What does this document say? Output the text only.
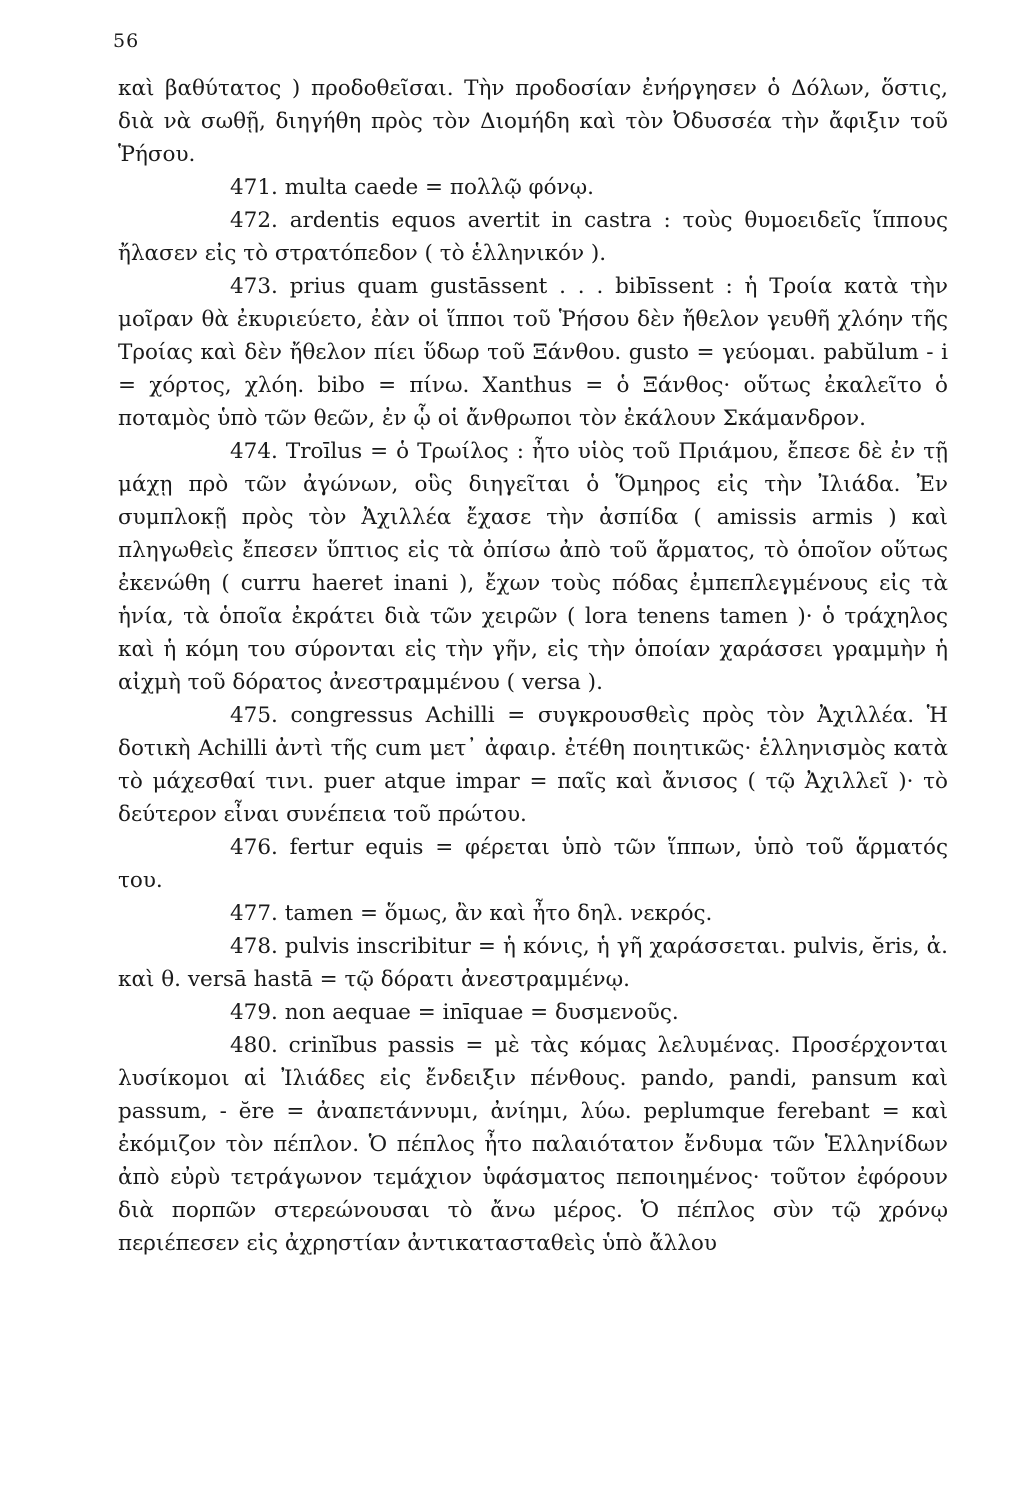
56

καὶ βαθύτατος ) προδοθεῖσαι. Τὴν προδοσίαν ἐνήργησεν ὁ Δόλων, ὅστις, διὰ νὰ σωθῇ, διηγήθη πρὸς τὸν Διομήδη καὶ τὸν Ὀδυσσέα τὴν ἄφιξιν τοῦ Ῥήσου.

471. multa caede = πολλῷ φόνῳ.

472. ardentis equos avertit in castra : τοὺς θυμοειδεῖς ἵππους ἤλασεν εἰς τὸ στρατόπεδον ( τὸ ἑλληνικόν ).

473. prius quam gustāssent . . . bibīssent : ἡ Τροία κατὰ τὴν μοῖραν θὰ ἐκυριεύετο, ἐὰν οἱ ἵπποι τοῦ Ῥήσου δὲν ἤθελον γευθῆ χλόην τῆς Τροίας καὶ δὲν ἤθελον πίει ὕδωρ τοῦ Ξάνθου. gusto = γεύομαι. pabŭlum - i = χόρτος, χλόη. bibo = πίνω. Xanthus = ὁ Ξάνθος· οὕτως ἐκαλεῖτο ὁ ποταμὸς ὑπὸ τῶν θεῶν, ἐν ᾧ οἱ ἄνθρωποι τὸν ἐκάλουν Σκάμανδρον.

474. Troīlus = ὁ Τρωίλος : ἦτο υἱὸς τοῦ Πριάμου, ἔπεσε δὲ ἐν τῇ μάχῃ πρὸ τῶν ἀγώνων, οὓς διηγεῖται ὁ Ὅμηρος εἰς τὴν Ἰλιάδα. Ἐν συμπλοκῇ πρὸς τὸν Ἀχιλλέα ἔχασε τὴν ἀσπίδα ( amissis armis ) καὶ πληγωθεὶς ἔπεσεν ὕπτιος εἰς τὰ ὀπίσω ἀπὸ τοῦ ἅρματος, τὸ ὁποῖον οὕτως ἐκενώθη ( curru haeret inani ), ἔχων τοὺς πόδας ἐμπεπλεγμένους εἰς τὰ ἡνία, τὰ ὁποῖα ἐκράτει διὰ τῶν χειρῶν ( lora tenens tamen )· ὁ τράχηλος καὶ ἡ κόμη του σύρονται εἰς τὴν γῆν, εἰς τὴν ὁποίαν χαράσσει γραμμὴν ἡ αἰχμὴ τοῦ δόρατος ἀνεστραμμένου ( versa ).

475. congressus Achilli = συγκρουσθεὶς πρὸς τὸν Ἀχιλλέα. Ἡ δοτικὴ Achilli ἀντὶ τῆς cum μετ᾽ ἀφαιρ. ἐτέθη ποιητικῶς· ἑλληνισμὸς κατὰ τὸ μάχεσθαί τινι. puer atque impar = παῖς καὶ ἄνισος ( τῷ Ἀχιλλεῖ )· τὸ δεύτερον εἶναι συνέπεια τοῦ πρώτου.

476. fertur equis = φέρεται ὑπὸ τῶν ἵππων, ὑπὸ τοῦ ἅρματός του.

477. tamen = ὅμως, ἂν καὶ ἦτο δηλ. νεκρός.

478. pulvis inscribitur = ἡ κόνις, ἡ γῆ χαράσσεται. pulvis, ĕris, ἀ. καὶ θ. versā hastā = τῷ δόρατι ἀνεστραμμένῳ.

479. non aequae = inīquae = δυσμενοῦς.

480. crinĭbus passis = μὲ τὰς κόμας λελυμένας. Προσέρχονται λυσίκομοι αἱ Ἰλιάδες εἰς ἔνδειξιν πένθους. pando, pandi, pansum καὶ passum, - ĕre = ἀναπετάννυμι, ἀνίημι, λύω. peplumque ferebant = καὶ ἐκόμιζον τὸν πέπλον. Ὁ πέπλος ἦτο παλαιότατον ἔνδυμα τῶν Ἑλληνίδων ἀπὸ εὐρὺ τετράγωνον τεμάχιον ὑφάσματος πεποιημένος· τοῦτον ἐφόρουν διὰ πορπῶν στερεώνουσαι τὸ ἄνω μέρος. Ὁ πέπλος σὺν τῷ χρόνῳ περιέπεσεν εἰς ἀχρηστίαν ἀντικατασταθεὶς ὑπὸ ἄλλου
